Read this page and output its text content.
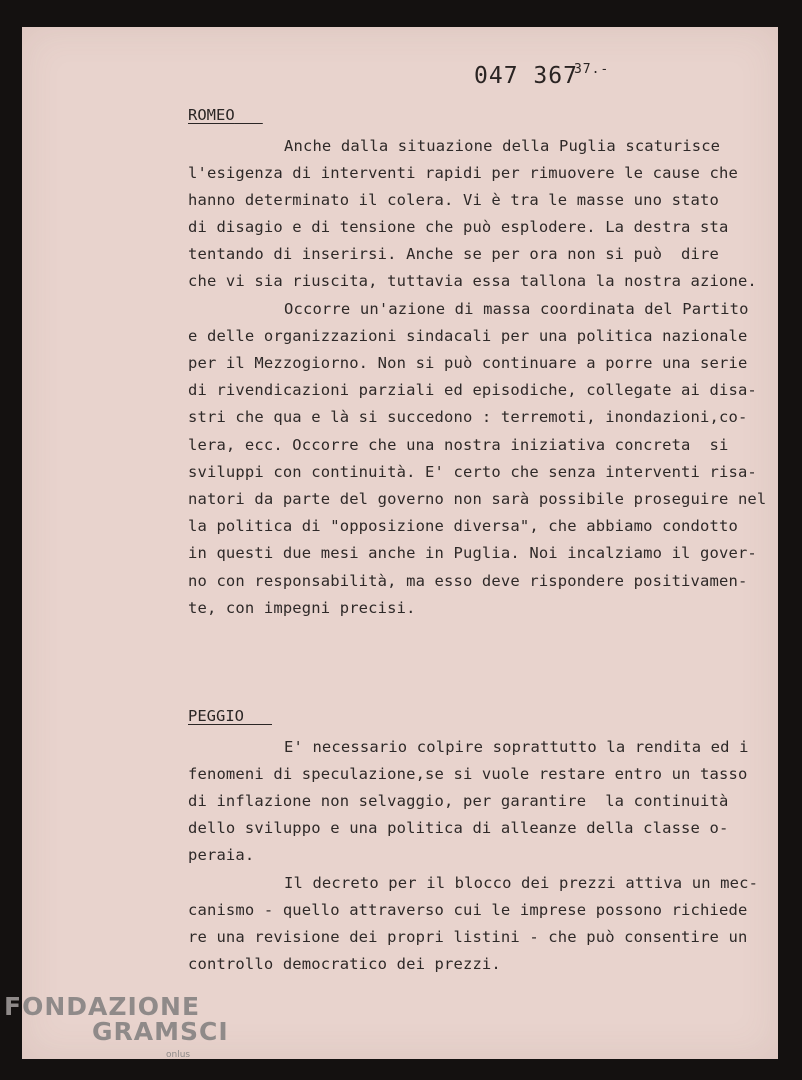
047 $367^{37.-}$
ROMEO
Anche dalla situazione della Puglia scaturisce
l'esigenza di interventi rapidi per rimuovere le cause che
hanno determinato il colera. Vi è tra le masse uno stato
di disagio e di tensione che può esplodere. La destra sta
tentando di inserirsi. Anche se per ora non si può  dire
che vi sia riuscita, tuttavia essa tallona la nostra azione.
Occorre un'azione di massa coordinata del Partito
e delle organizzazioni sindacali per una politica nazionale
per il Mezzogiorno. Non si può continuare a porre una serie
di rivendicazioni parziali ed episodiche, collegate ai disa-
stri che qua e là si succedono : terremoti, inondazioni,co-
lera, ecc. Occorre che una nostra iniziativa concreta  si
sviluppi con continuità. E' certo che senza interventi risa-
natori da parte del governo non sarà possibile proseguire nel
la politica di "opposizione diversa", che abbiamo condotto
in questi due mesi anche in Puglia. Noi incalziamo il gover-
no con responsabilità, ma esso deve rispondere positivamen-
te, con impegni precisi.
PEGGIO
E' necessario colpire soprattutto la rendita ed i
fenomeni di speculazione,se si vuole restare entro un tasso
di inflazione non selvaggio, per garantire  la continuità
dello sviluppo e una politica di alleanze della classe o-
peraia.
Il decreto per il blocco dei prezzi attiva un mec-
canismo - quello attraverso cui le imprese possono richiede
re una revisione dei propri listini - che può consentire un
controllo democratico dei prezzi.
FONDAZIONE
GRAMSCI
onlus
